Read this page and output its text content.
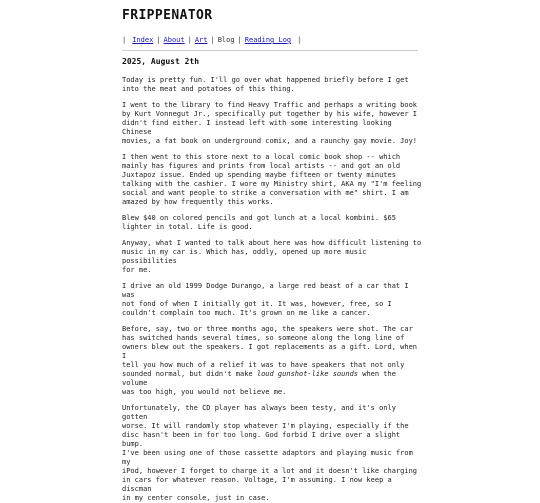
FRIPPENATOR
| Index | About | Art | Blog | Reading Log |
2025, August 2th

Today is pretty fun. I'll go over what happened briefly before I get
into the meat and potatoes of this thing.

I went to the library to find Heavy Traffic and perhaps a writing book
by Kurt Vonnegut Jr., specifically put together by his wife, however I
didn't find either. I instead left with some interesting looking Chinese
movies, a fat book on underground comix, and a raunchy gay movie. Joy!

I then went to this store next to a local comic book shop -- which
mainly has figures and prints from local artists -- and got an old
Juxtapoz issue. Ended up spending maybe fifteen or twenty minutes
talking with the cashier. I wore my Ministry shirt, AKA my "I'm feeling
social and want people to strike a conversation with me" shirt. I am
amazed by how frequently this works.

Blew $40 on colored pencils and got lunch at a local kombini. $65
lighter in total. Life is good.

Anyway, what I wanted to talk about here was how difficult listening to
music in my car is. Which has, oddly, opened up more music possibilities
for me.

I drive an old 1999 Dodge Durango, a large red beast of a car that I was
not fond of when I initially got it. It was, however, free, so I
couldn't complain too much. It's grown on me like a cancer.

Before, say, two or three months ago, the speakers were shot. The car
has switched hands several times, so someone along the long line of
owners blew out the speakers. I got replacements as a gift. Lord, when I
tell you how much of a relief it was to have speakers that not only
sounded normal, but didn't make loud gunshot-like sounds when the volume
was too high, you would not believe me.

Unfortunately, the CD player has always been testy, and it's only gotten
worse. It will randomly stop whatever I'm playing, especially if the
disc hasn't been in for too long. God forbid I drive over a slight bump.
I've been using one of those cassette adaptors and playing music from my
iPod, however I forget to charge it a lot and it doesn't like charging
in cars for whatever reason. Voltage, I'm assuming. I now keep a discman
in my center console, just in case.
